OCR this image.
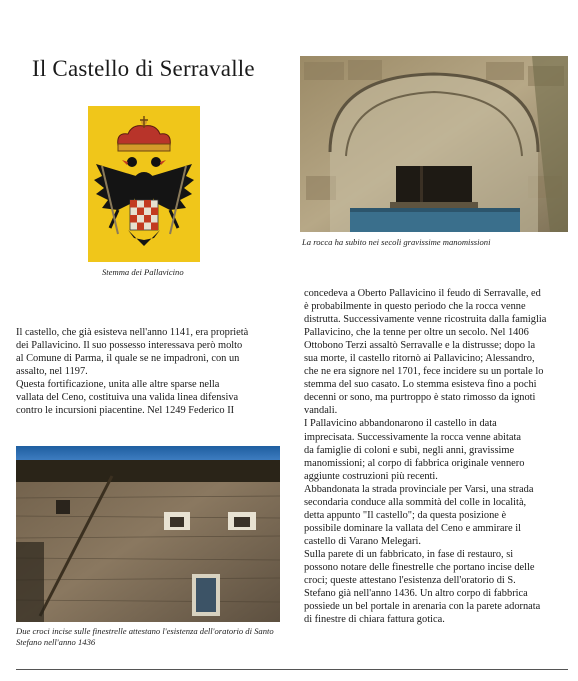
Il Castello di Serravalle
Stemma dei Pallavicino
La rocca ha subito nei secoli gravissime manomissioni
Il castello, che già esisteva nell'anno 1141, era proprietà
dei Pallavicino. Il suo possesso interessava però molto
al Comune di Parma, il quale se ne impadronì, con un
assalto, nel 1197.
Questa fortificazione, unita alle altre sparse nella
vallata del Ceno, costituiva una valida linea difensiva
contro le incursioni piacentine. Nel 1249 Federico II
Due croci incise sulle finestrelle attestano l'esistenza dell'oratorio di Santo
Stefano nell'anno 1436
concedeva a Oberto Pallavicino il feudo di Serravalle, ed
è probabilmente in questo periodo che la rocca venne
distrutta. Successivamente venne ricostruita dalla famiglia
Pallavicino, che la tenne per oltre un secolo. Nel 1406
Ottobono Terzi assaltò Serravalle e la distrusse; dopo la
sua morte, il castello ritornò ai Pallavicino; Alessandro,
che ne era signore nel 1701, fece incidere su un portale lo
stemma del suo casato. Lo stemma esisteva fino a pochi
decenni or sono, ma purtroppo è stato rimosso da ignoti
vandali.
I Pallavicino abbandonarono il castello in data
imprecisata. Successivamente la rocca venne abitata
da famiglie di coloni e subì, negli anni, gravissime
manomissioni; al corpo di fabbrica originale vennero
aggiunte costruzioni più recenti.
Abbandonata la strada provinciale per Varsi, una strada
secondaria conduce alla sommità del colle in località,
detta appunto "Il castello"; da questa posizione è
possibile dominare la vallata del Ceno e ammirare il
castello di Varano Melegari.
Sulla parete di un fabbricato, in fase di restauro, si
possono notare delle finestrelle che portano incise delle
croci; queste attestano l'esistenza dell'oratorio di S.
Stefano già nell'anno 1436. Un altro corpo di fabbrica
possiede un bel portale in arenaria con la parete adornata
di finestre di chiara fattura gotica.
